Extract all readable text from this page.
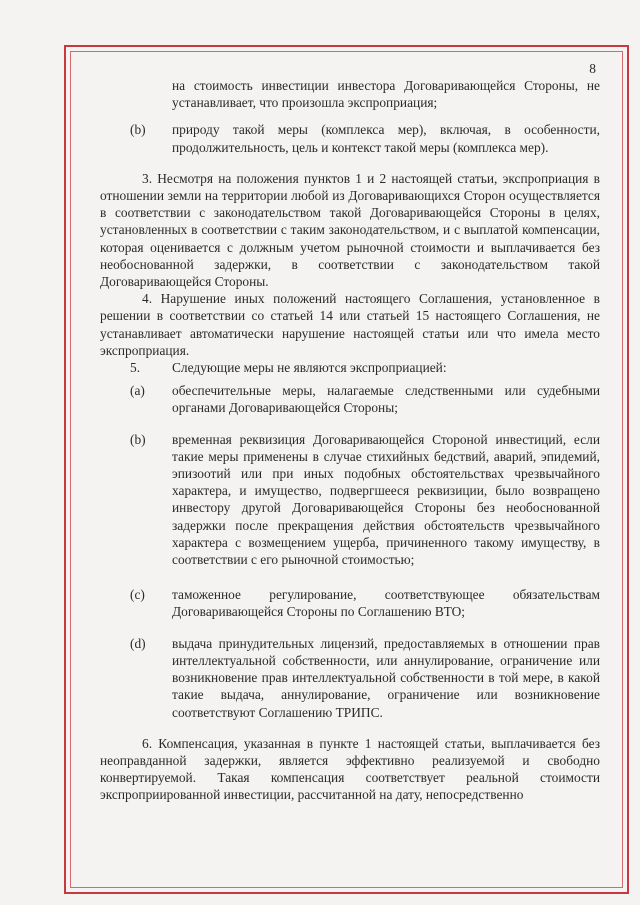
8

на стоимость инвестиции инвестора Договаривающейся Стороны, не устанавливает, что произошла экспроприация;

(b)	природу такой меры (комплекса мер), включая, в особенности, продолжительность, цель и контекст такой меры (комплекса мер).

3. Несмотря на положения пунктов 1 и 2 настоящей статьи, экспроприация в отношении земли на территории любой из Договаривающихся Сторон осуществляется в соответствии с законодательством такой Договаривающейся Стороны в целях, установленных в соответствии с таким законодательством, и с выплатой компенсации, которая оценивается с должным учетом рыночной стоимости и выплачивается без необоснованной задержки, в соответствии с законодательством такой Договаривающейся Стороны.

4. Нарушение иных положений настоящего Соглашения, установленное в решении в соответствии со статьей 14 или статьей 15 настоящего Соглашения, не устанавливает автоматически нарушение настоящей статьи или что имела место экспроприация.

5.	Следующие меры не являются экспроприацией:
(a)	обеспечительные меры, налагаемые следственными или судебными органами Договаривающейся Стороны;
(b)	временная реквизиция Договаривающейся Стороной инвестиций, если такие меры применены в случае стихийных бедствий, аварий, эпидемий, эпизоотий или при иных подобных обстоятельствах чрезвычайного характера, и имущество, подвергшееся реквизиции, было возвращено инвестору другой Договаривающейся Стороны без необоснованной задержки после прекращения действия обстоятельств чрезвычайного характера с возмещением ущерба, причиненного такому имуществу, в соответствии с его рыночной стоимостью;
(c)	таможенное регулирование, соответствующее обязательствам Договаривающейся Стороны по Соглашению ВТО;
(d)	выдача принудительных лицензий, предоставляемых в отношении прав интеллектуальной собственности, или аннулирование, ограничение или возникновение прав интеллектуальной собственности в той мере, в какой такие выдача, аннулирование, ограничение или возникновение соответствуют Соглашению ТРИПС.

6. Компенсация, указанная в пункте 1 настоящей статьи, выплачивается без неоправданной задержки, является эффективно реализуемой и свободно конвертируемой. Такая компенсация соответствует реальной стоимости экспроприированной инвестиции, рассчитанной на дату, непосредственно
